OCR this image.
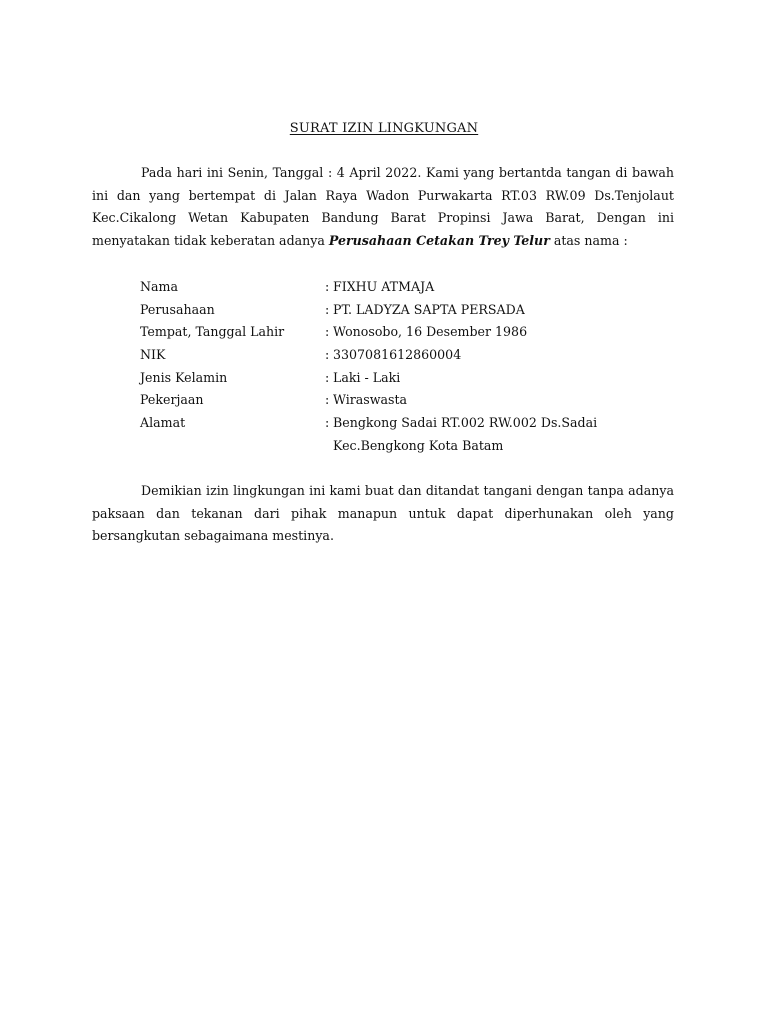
SURAT IZIN LINGKUNGAN
Pada hari ini Senin, Tanggal : 4 April 2022. Kami yang bertantda tangan di bawah ini dan yang bertempat di Jalan Raya Wadon Purwakarta RT.03 RW.09 Ds.Tenjolaut Kec.Cikalong Wetan Kabupaten Bandung Barat Propinsi Jawa Barat, Dengan ini menyatakan tidak keberatan adanya Perusahaan Cetakan Trey Telur atas nama :
Nama	: FIXHU ATMAJA
Perusahaan	: PT. LADYZA SAPTA PERSADA
Tempat, Tanggal Lahir	: Wonosobo, 16 Desember 1986
NIK	: 3307081612860004
Jenis Kelamin	: Laki - Laki
Pekerjaan	: Wiraswasta
Alamat	: Bengkong Sadai RT.002 RW.002 Ds.Sadai
Kec.Bengkong Kota Batam
Demikian izin lingkungan ini kami buat dan ditandat tangani dengan tanpa adanya paksaan dan tekanan dari pihak manapun untuk dapat diperhunakan oleh yang bersangkutan sebagaimana mestinya.
